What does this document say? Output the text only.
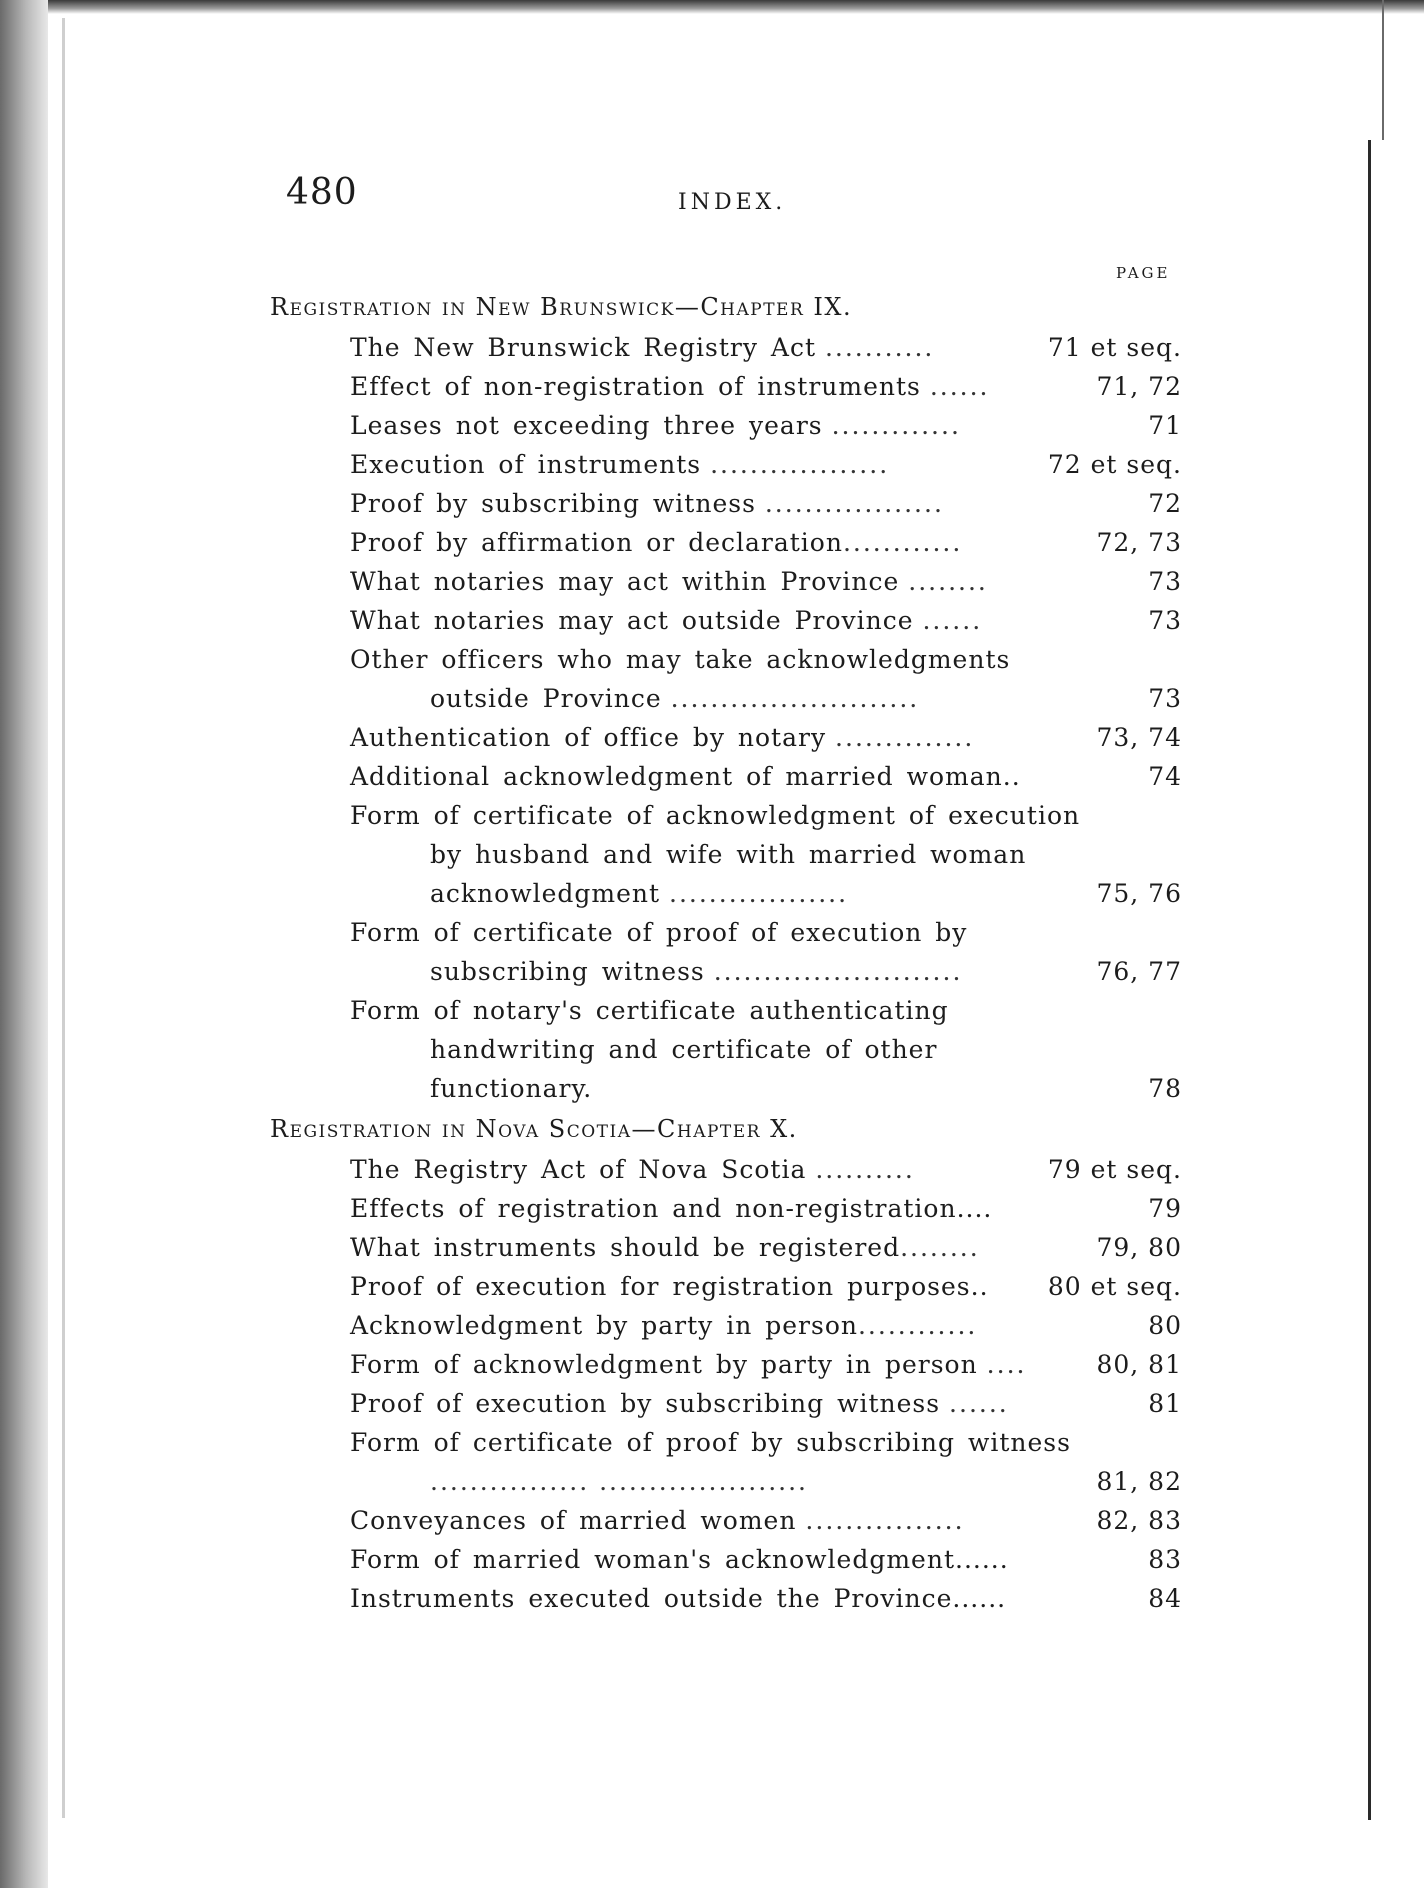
480	INDEX.
PAGE
Registration in New Brunswick—Chapter IX.
The New Brunswick Registry Act ...........	71 et seq.
Effect of non-registration of instruments ......	71, 72
Leases not exceeding three years .............	71
Execution of instruments ..................	72 et seq.
Proof by subscribing witness ..................	72
Proof by affirmation or declaration............	72, 73
What notaries may act within Province ........	73
What notaries may act outside Province ......	73
Other officers who may take acknowledgments outside Province .........................	73
Authentication of office by notary ..............	73, 74
Additional acknowledgment of married woman..	74
Form of certificate of acknowledgment of execution by husband and wife with married woman acknowledgment ..................	75, 76
Form of certificate of proof of execution by subscribing witness .........................	76, 77
Form of notary's certificate authenticating handwriting and certificate of other functionary.	78
Registration in Nova Scotia—Chapter X.
The Registry Act of Nova Scotia ..........	79 et seq.
Effects of registration and non-registration....	79
What instruments should be registered........	79, 80
Proof of execution for registration purposes.. 80 et seq.
Acknowledgment by party in person............	80
Form of acknowledgment by party in person ....	80, 81
Proof of execution by subscribing witness ......	81
Form of certificate of proof by subscribing witness ................ .....................	81, 82
Conveyances of married women ................	82, 83
Form of married woman's acknowledgment......	83
Instruments executed outside the Province......	84
